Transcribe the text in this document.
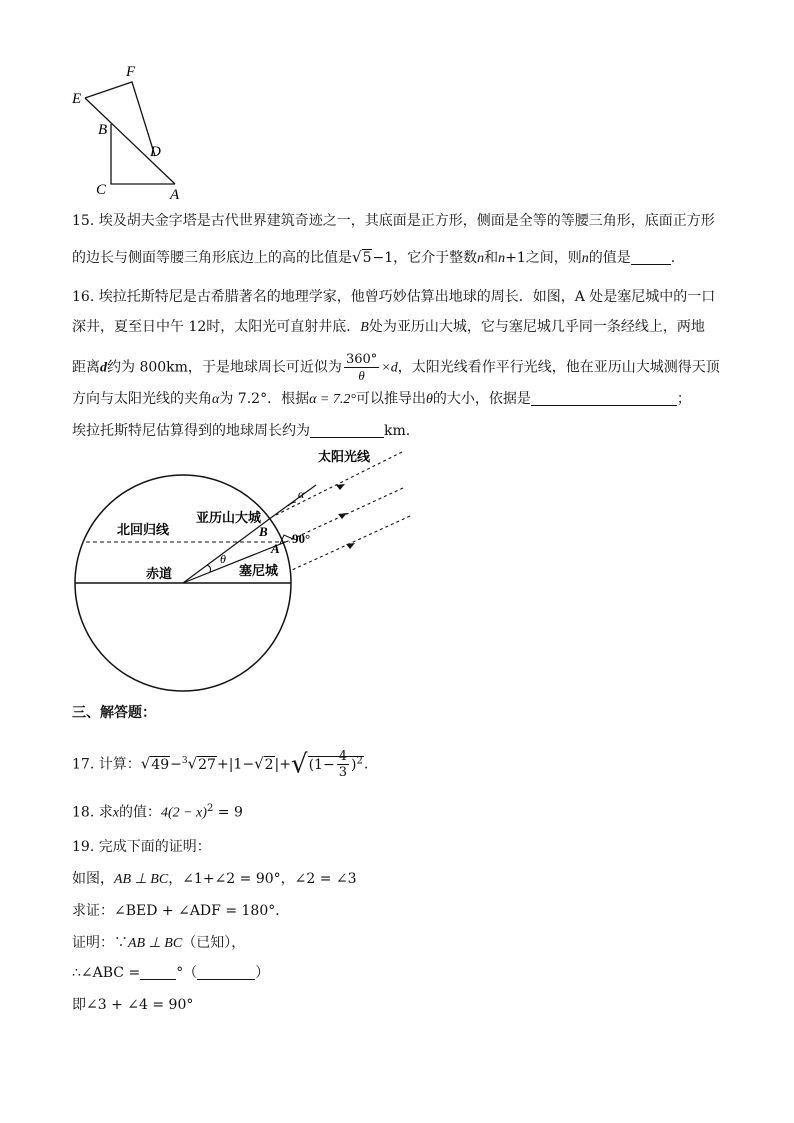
E
F
B
D
C	A
15. 埃及胡夫金字塔是古代世界建筑奇迹之一，其底面是正方形，侧面是全等的等腰三角形，底面正方形
的边长与侧面等腰三角形底边上的高的比值是√5−1，它介于整数n和n+1之间，则n的值是	.
16. 埃拉托斯特尼是古希腊著名的地理学家，他曾巧妙估算出地球的周长．如图，A 处是塞尼城中的一口
深井，夏至日中午 12时，太阳光可直射井底．B处为亚历山大城，它与塞尼城几乎同一条经线上，两地
距离d约为 800km，于是地球周长可近似为 $\frac{360^\circ}{\theta} \times d$，太阳光线看作平行光线，他在亚历山大城测得天顶
方向与太阳光线的夹角α为 7.2°．根据α = 7.2°可以推导出θ的大小，依据是	；
埃拉托斯特尼估算得到的地球周长约为	km.
太阳光线
α
亚历山大城
北回归线	B 90°
A
θ
赤道	塞尼城
三、解答题：
17. 计算：$√49-^3√27+|1-√2|+√(1- \frac{4}{3} )^2$.
18. 求x的值：$4(2 - x)^2 = 9$
19. 完成下面的证明：
如图，AB ⊥ BC，∠1+∠2 = 90°，∠2 = ∠3
求证：∠BED + ∠ADF = 180°．
证明：∵AB ⊥ BC（已知），
∴∠ABC =	°（	）
即∠3 + ∠4 = 90°
